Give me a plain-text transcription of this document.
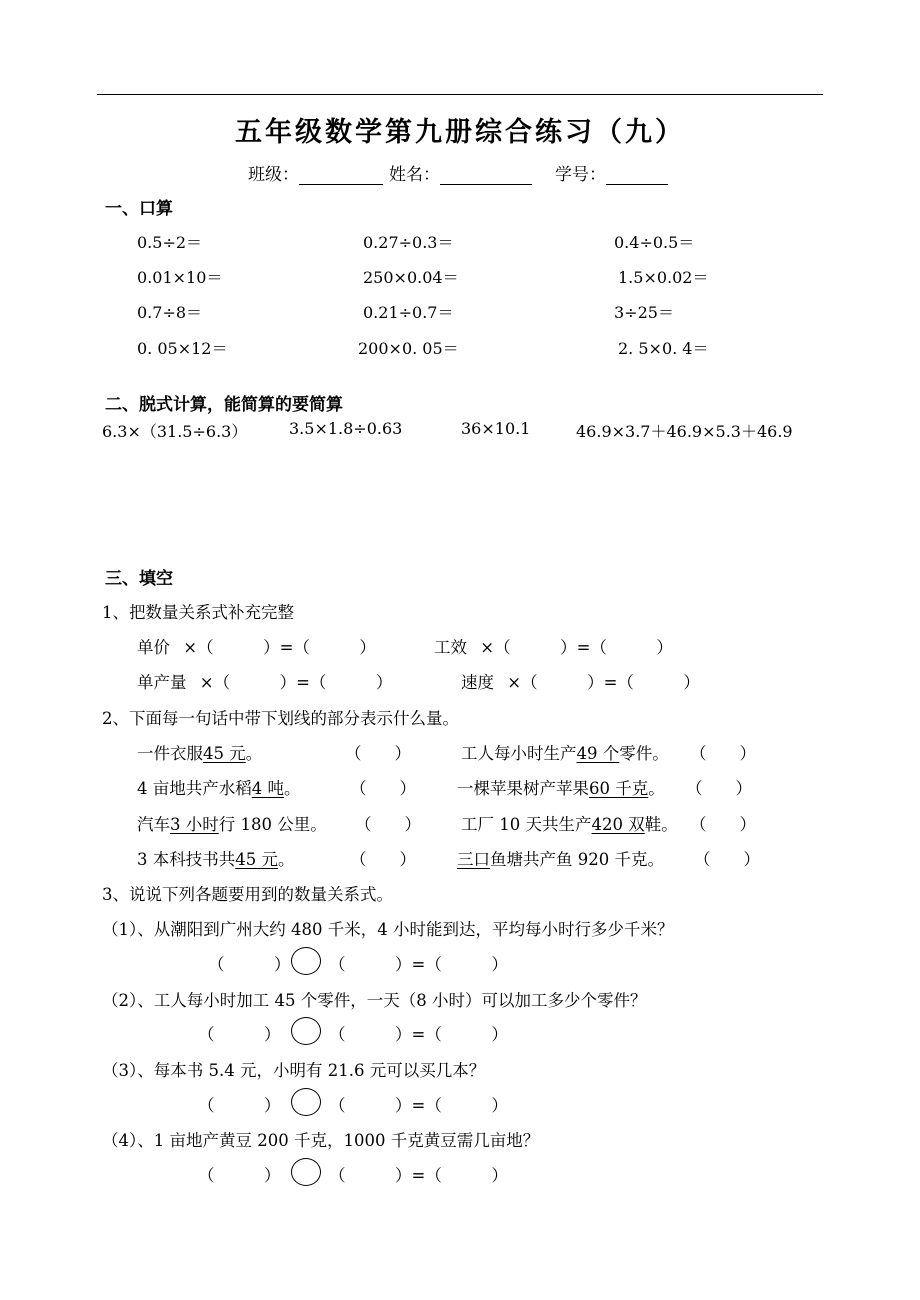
五年级数学第九册综合练习（九）
班级：	姓名：	学号：
一、口算
0.5÷2＝	0.27÷0.3＝	0.4÷0.5＝
0.01×10＝	250×0.04＝	1.5×0.02＝
0.7÷8＝	0.21÷0.7＝	3÷25＝
0. 05×12＝	200×0. 05＝	2. 5×0. 4＝
二、脱式计算，能简算的要简算
6.3×（31.5÷6.3）	3.5×1.8÷0.63	36×10.1	46.9×3.7＋46.9×5.3＋46.9
三、填空
1、把数量关系式补充完整
单价 ×（　　　）=（　　　）	工效 ×（　　　）=（　　　）
单产量 ×（　　　）=（　　　）	速度 ×（　　　）=（　　　）
2、下面每一句话中带下划线的部分表示什么量。
一件衣服45 元。	（　　）	工人每小时生产49 个零件。 （　　）
4 亩地共产水稻4 吨。	（　　） 一棵苹果树产苹果60 千克。 （　　）
汽车3 小时行 180 公里。 （　　） 工厂 10 天共生产420 双鞋。 （　　）
3 本科技书共45 元。	（　　） 三口鱼塘共产鱼 920 千克。 （　　）
3、说说下列各题要用到的数量关系式。
（1）、从潮阳到广州大约 480 千米，4 小时能到达，平均每小时行多少千米？
（　　　） （　　　）=（　　　）
（2）、工人每小时加工 45 个零件，一天（8 小时）可以加工多少个零件？
（　　　）	（　　　）=（　　　）
（3）、每本书 5.4 元，小明有 21.6 元可以买几本？
（　　　）	（　　　）=（　　　）
（4）、1 亩地产黄豆 200 千克，1000 千克黄豆需几亩地？
（　　　）	（　　　）=（　　　）
